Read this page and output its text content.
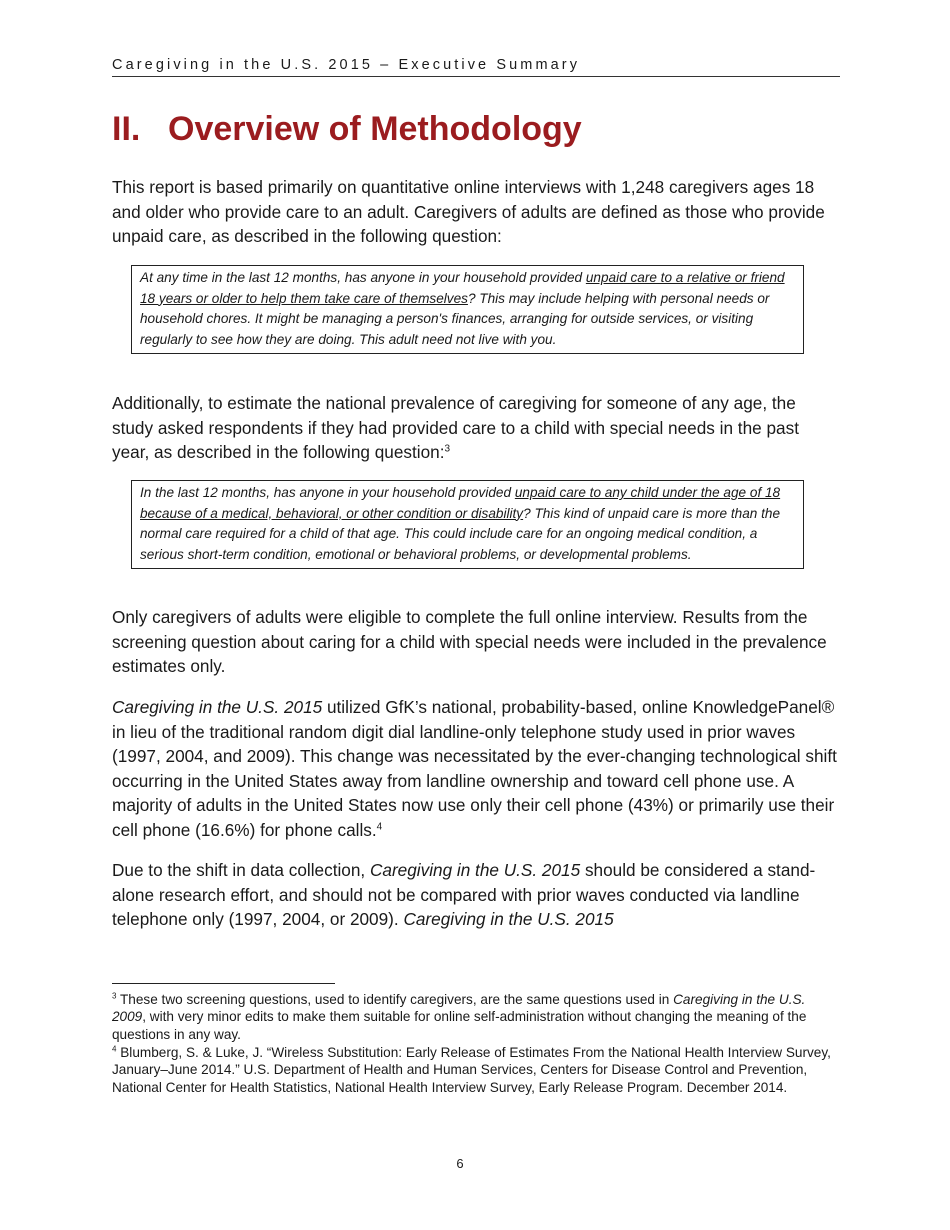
Caregiving in the U.S. 2015 – Executive Summary
II. Overview of Methodology

This report is based primarily on quantitative online interviews with 1,248 caregivers ages 18 and older who provide care to an adult. Caregivers of adults are defined as those who provide unpaid care, as described in the following question:

At any time in the last 12 months, has anyone in your household provided unpaid care to a relative or friend 18 years or older to help them take care of themselves? This may include helping with personal needs or household chores. It might be managing a person's finances, arranging for outside services, or visiting regularly to see how they are doing. This adult need not live with you.

Additionally, to estimate the national prevalence of caregiving for someone of any age, the study asked respondents if they had provided care to a child with special needs in the past year, as described in the following question:$^3$

In the last 12 months, has anyone in your household provided unpaid care to any child under the age of 18 because of a medical, behavioral, or other condition or disability? This kind of unpaid care is more than the normal care required for a child of that age. This could include care for an ongoing medical condition, a serious short-term condition, emotional or behavioral problems, or developmental problems.

Only caregivers of adults were eligible to complete the full online interview. Results from the screening question about caring for a child with special needs were included in the prevalence estimates only.

Caregiving in the U.S. 2015 utilized GfK’s national, probability-based, online KnowledgePanel® in lieu of the traditional random digit dial landline-only telephone study used in prior waves (1997, 2004, and 2009). This change was necessitated by the ever-changing technological shift occurring in the United States away from landline ownership and toward cell phone use. A majority of adults in the United States now use only their cell phone (43%) or primarily use their cell phone (16.6%) for phone calls.$^4$

Due to the shift in data collection, Caregiving in the U.S. 2015 should be considered a stand-alone research effort, and should not be compared with prior waves conducted via landline telephone only (1997, 2004, or 2009). Caregiving in the U.S. 2015

$^3$ These two screening questions, used to identify caregivers, are the same questions used in Caregiving in the U.S. 2009, with very minor edits to make them suitable for online self-administration without changing the meaning of the questions in any way.

$^4$ Blumberg, S. & Luke, J. “Wireless Substitution: Early Release of Estimates From the National Health Interview Survey, January–June 2014.” U.S. Department of Health and Human Services, Centers for Disease Control and Prevention, National Center for Health Statistics, National Health Interview Survey, Early Release Program. December 2014.

6
